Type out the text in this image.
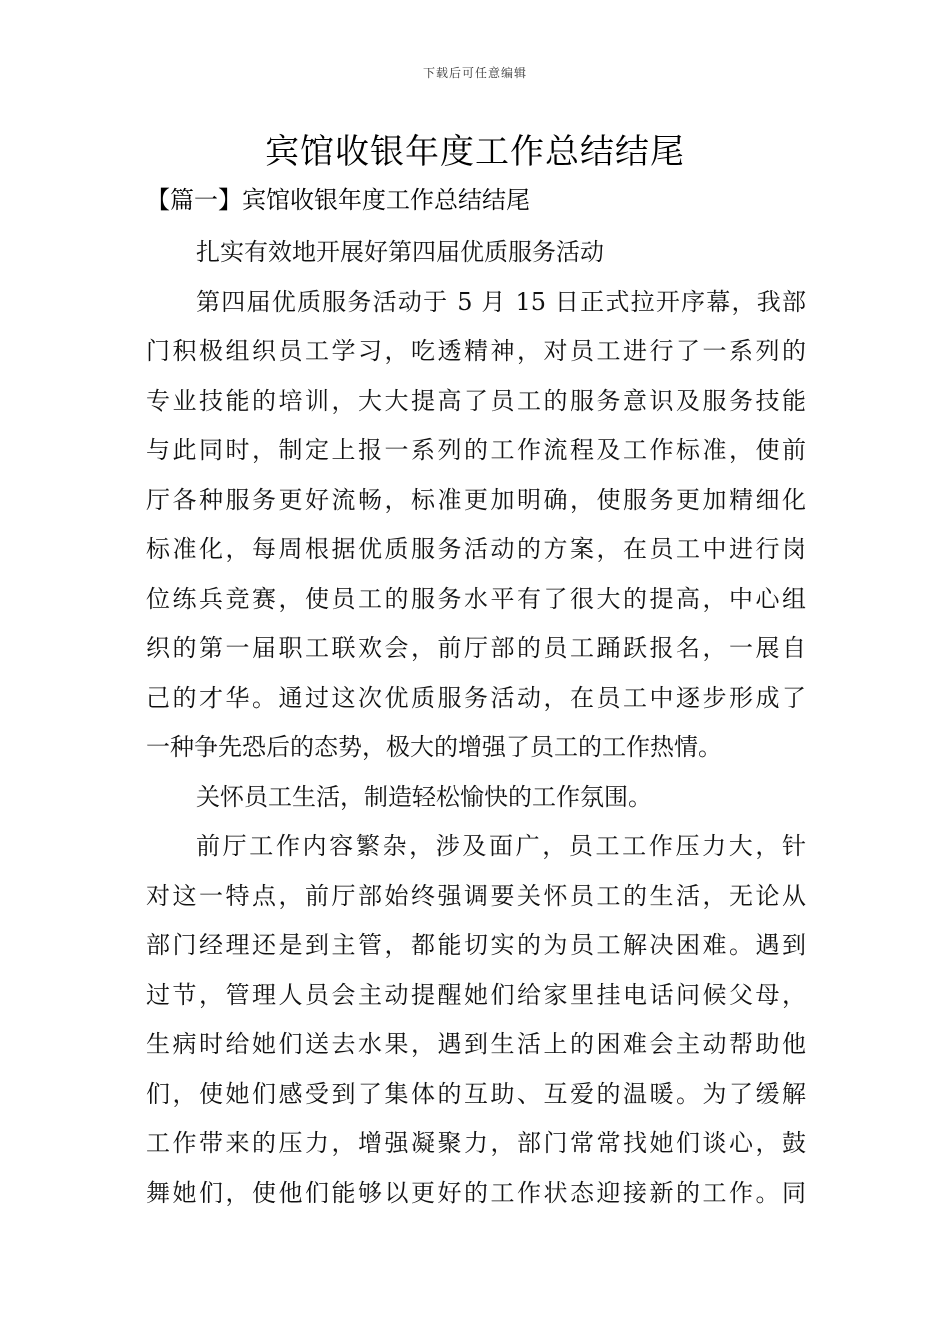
下载后可任意编辑
宾馆收银年度工作总结结尾
【篇一】宾馆收银年度工作总结结尾
扎实有效地开展好第四届优质服务活动
第四届优质服务活动于 5 月 15 日正式拉开序幕，我部
门积极组织员工学习，吃透精神，对员工进行了一系列的
专业技能的培训，大大提高了员工的服务意识及服务技能
与此同时，制定上报一系列的工作流程及工作标准，使前
厅各种服务更好流畅，标准更加明确，使服务更加精细化
标准化，每周根据优质服务活动的方案，在员工中进行岗
位练兵竞赛，使员工的服务水平有了很大的提高，中心组
织的第一届职工联欢会，前厅部的员工踊跃报名，一展自
己的才华。通过这次优质服务活动，在员工中逐步形成了
一种争先恐后的态势，极大的增强了员工的工作热情。
关怀员工生活，制造轻松愉快的工作氛围。
前厅工作内容繁杂，涉及面广，员工工作压力大，针
对这一特点，前厅部始终强调要关怀员工的生活，无论从
部门经理还是到主管，都能切实的为员工解决困难。遇到
过节，管理人员会主动提醒她们给家里挂电话问候父母，
生病时给她们送去水果，遇到生活上的困难会主动帮助他
们，使她们感受到了集体的互助、互爱的温暖。为了缓解
工作带来的压力，增强凝聚力，部门常常找她们谈心，鼓
舞她们，使他们能够以更好的工作状态迎接新的工作。同
